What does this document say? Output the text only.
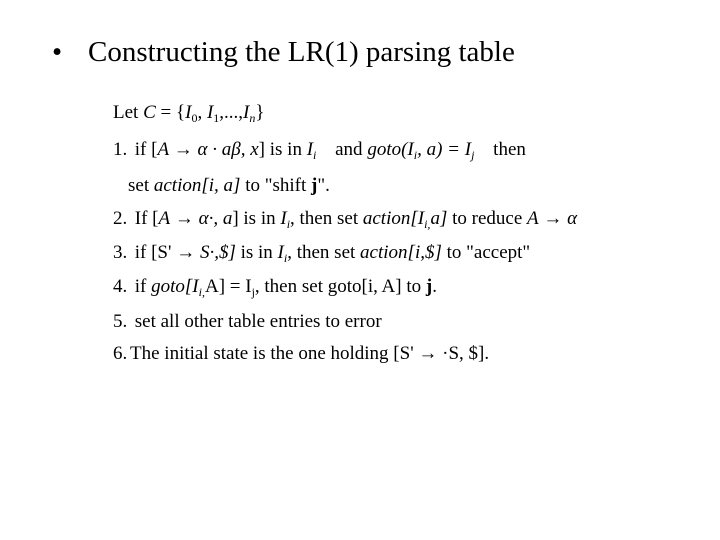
• Constructing the LR(1) parsing table
Let $C = \{I_0$, $I_1,...,I_n$}
1. if [A → α · aβ, x] is in $I_i$ and $goto(I_i$, $a) = I_j$ then
set action[i, a] to "shift j".
2. If [A → α·, a] is in $I_i$, then set $action[I_{i,}a]$ to reduce A → α
3. if [S' → S·,$] is in $I_i$, then set action[i,$] to "accept"
4. if $goto[I_{i,}A] = I_j$, then set goto[i, A] to j.
5. set all other table entries to error
6. The initial state is the one holding [S' → ·S, $].
